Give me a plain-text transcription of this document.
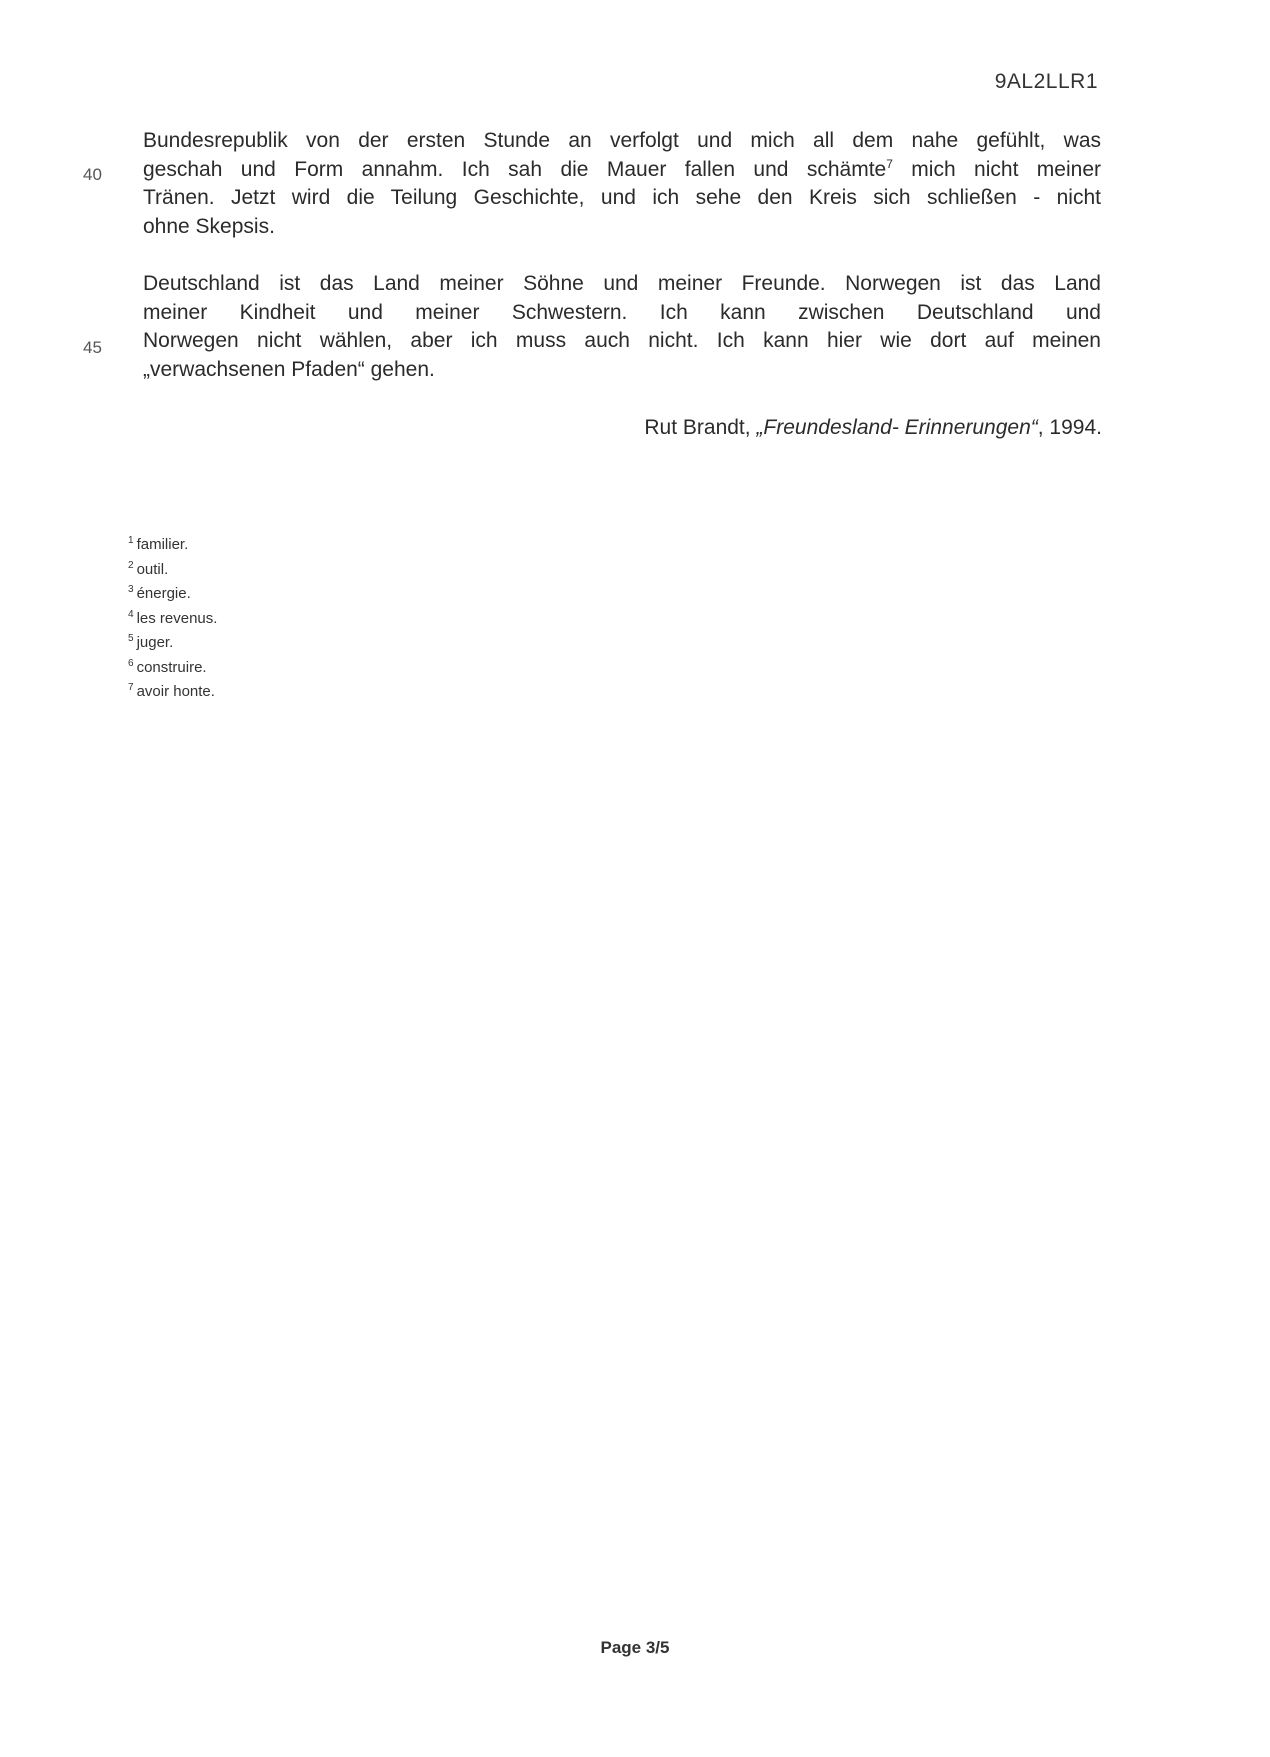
9AL2LLR1

Bundesrepublik von der ersten Stunde an verfolgt und mich all dem nahe gefühlt, was
geschah und Form annahm. Ich sah die Mauer fallen und schämte$^7$ mich nicht meiner
Tränen. Jetzt wird die Teilung Geschichte, und ich sehe den Kreis sich schließen - nicht
ohne Skepsis.

40

Deutschland ist das Land meiner Söhne und meiner Freunde. Norwegen ist das Land
meiner Kindheit und meiner Schwestern. Ich kann zwischen Deutschland und
Norwegen nicht wählen, aber ich muss auch nicht. Ich kann hier wie dort auf meinen
„verwachsenen Pfaden“ gehen.

45
Rut Brandt, „Freundesland- Erinnerungen“, 1994.
$^1$ familier.
$^2$ outil.
$^3$ énergie.
$^4$ les revenus.
$^5$ juger.
$^6$ construire.
$^7$ avoir honte.
Page 3/5
